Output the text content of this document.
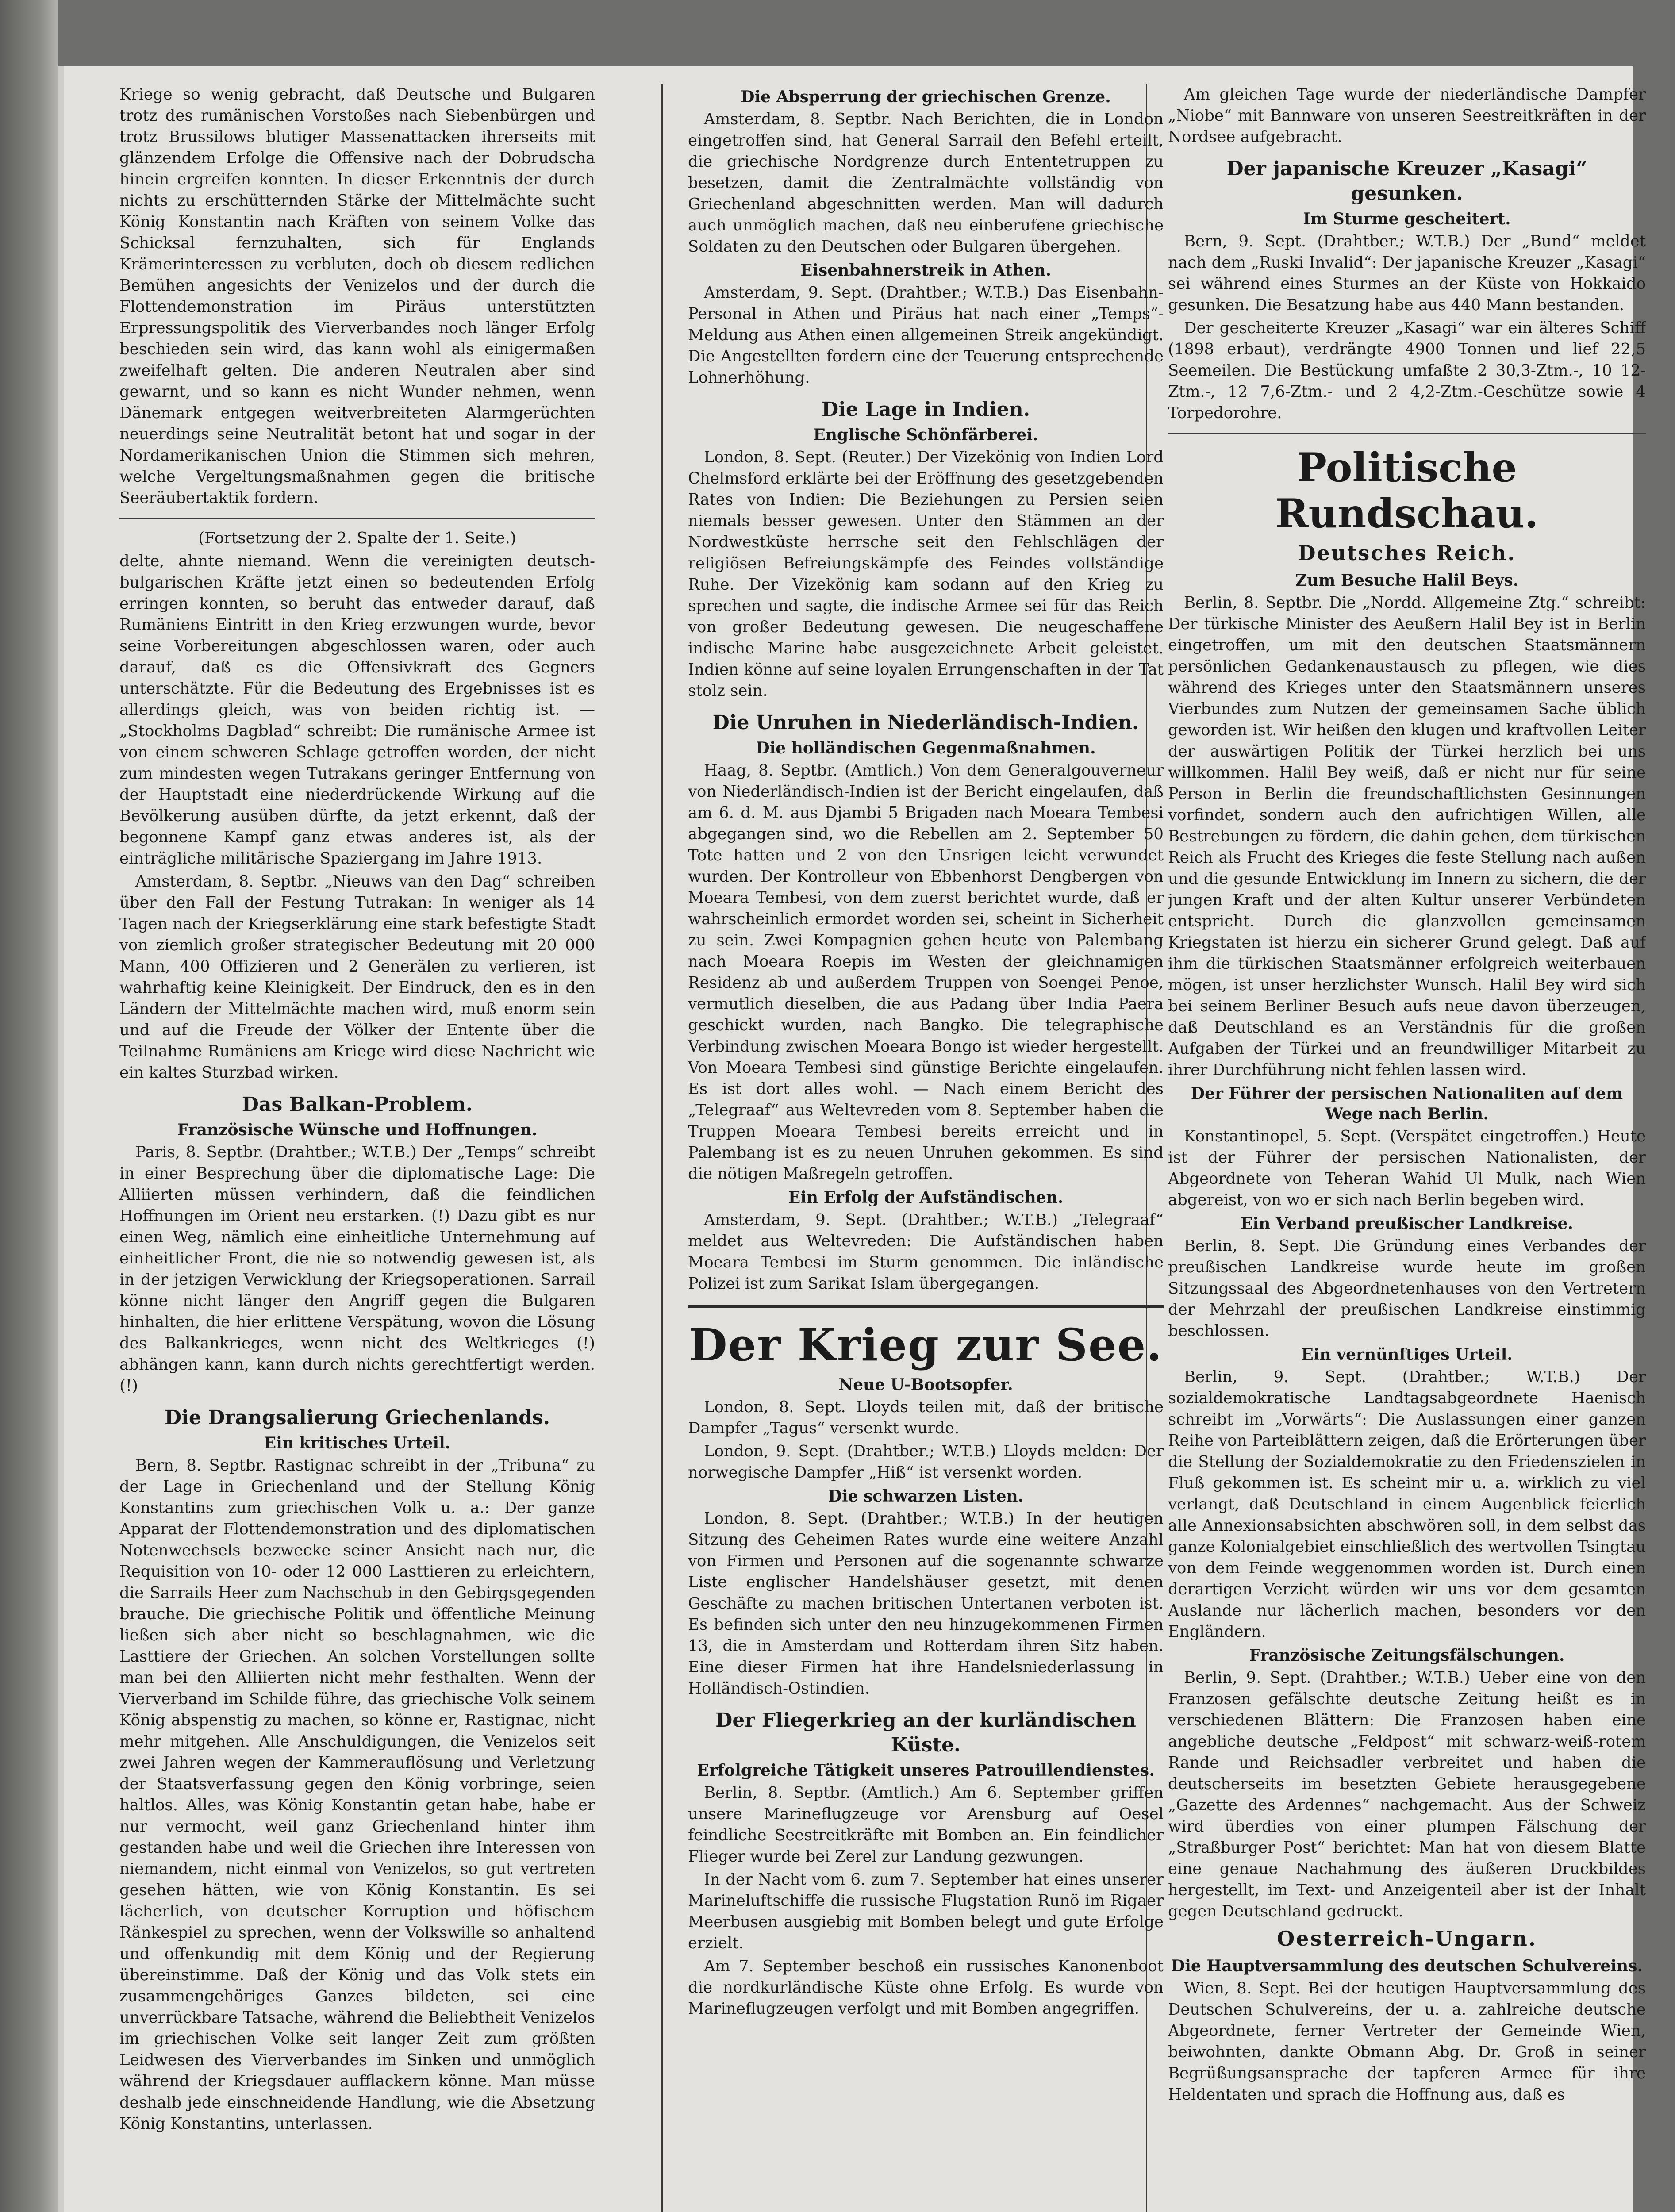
Kriege so wenig gebracht, daß Deutsche und Bulgaren trotz des rumänischen Vorstoßes nach Siebenbürgen und trotz Brussilows blutiger Massenattacken ihrerseits mit glänzendem Erfolge die Offensive nach der Dobrudscha hinein ergreifen konnten. In dieser Erkenntnis der durch nichts zu erschütternden Stärke der Mittelmächte sucht König Konstantin nach Kräften von seinem Volke das Schicksal fernzuhalten, sich für Englands Krämerinteressen zu verbluten, doch ob diesem redlichen Bemühen angesichts der Venizelos und der durch die Flottendemonstration im Piräus unterstützten Erpressungspolitik des Vierverbandes noch länger Erfolg beschieden sein wird, das kann wohl als einigermaßen zweifelhaft gelten. Die anderen Neutralen aber sind gewarnt, und so kann es nicht Wunder nehmen, wenn Dänemark entgegen weitverbreiteten Alarmgerüchten neuerdings seine Neutralität betont hat und sogar in der Nordamerikanischen Union die Stimmen sich mehren, welche Vergeltungsmaßnahmen gegen die britische Seeräubertaktik fordern.

(Fortsetzung der 2. Spalte der 1. Seite.)

delte, ahnte niemand. Wenn die vereinigten deutsch-bulgarischen Kräfte jetzt einen so bedeutenden Erfolg erringen konnten, so beruht das entweder darauf, daß Rumäniens Eintritt in den Krieg erzwungen wurde, bevor seine Vorbereitungen abgeschlossen waren, oder auch darauf, daß es die Offensivkraft des Gegners unterschätzte. Für die Bedeutung des Ergebnisses ist es allerdings gleich, was von beiden richtig ist. — „Stockholms Dagblad“ schreibt: Die rumänische Armee ist von einem schweren Schlage getroffen worden, der nicht zum mindesten wegen Tutrakans geringer Entfernung von der Hauptstadt eine niederdrückende Wirkung auf die Bevölkerung ausüben dürfte, da jetzt erkennt, daß der begonnene Kampf ganz etwas anderes ist, als der einträgliche militärische Spaziergang im Jahre 1913.

Amsterdam, 8. Septbr. „Nieuws van den Dag“ schreiben über den Fall der Festung Tutrakan: In weniger als 14 Tagen nach der Kriegserklärung eine stark befestigte Stadt von ziemlich großer strategischer Bedeutung mit 20 000 Mann, 400 Offizieren und 2 Generälen zu verlieren, ist wahrhaftig keine Kleinigkeit. Der Eindruck, den es in den Ländern der Mittelmächte machen wird, muß enorm sein und auf die Freude der Völker der Entente über die Teilnahme Rumäniens am Kriege wird diese Nachricht wie ein kaltes Sturzbad wirken.

Das Balkan-Problem.
Französische Wünsche und Hoffnungen.

Paris, 8. Septbr. (Drahtber.; W.T.B.) Der „Temps“ schreibt in einer Besprechung über die diplomatische Lage: Die Alliierten müssen verhindern, daß die feindlichen Hoffnungen im Orient neu erstarken. (!) Dazu gibt es nur einen Weg, nämlich eine einheitliche Unternehmung auf einheitlicher Front, die nie so notwendig gewesen ist, als in der jetzigen Verwicklung der Kriegsoperationen. Sarrail könne nicht länger den Angriff gegen die Bulgaren hinhalten, die hier erlittene Verspätung, wovon die Lösung des Balkankrieges, wenn nicht des Weltkrieges (!) abhängen kann, kann durch nichts gerechtfertigt werden. (!)

Die Drangsalierung Griechenlands.
Ein kritisches Urteil.

Bern, 8. Septbr. Rastignac schreibt in der „Tribuna“ zu der Lage in Griechenland und der Stellung König Konstantins zum griechischen Volk u. a.: Der ganze Apparat der Flottendemonstration und des diplomatischen Notenwechsels bezwecke seiner Ansicht nach nur, die Requisition von 10- oder 12 000 Lasttieren zu erleichtern, die Sarrails Heer zum Nachschub in den Gebirgsgegenden brauche. Die griechische Politik und öffentliche Meinung ließen sich aber nicht so beschlagnahmen, wie die Lasttiere der Griechen. An solchen Vorstellungen sollte man bei den Alliierten nicht mehr festhalten. Wenn der Vierverband im Schilde führe, das griechische Volk seinem König abspenstig zu machen, so könne er, Rastignac, nicht mehr mitgehen. Alle Anschuldigungen, die Venizelos seit zwei Jahren wegen der Kammerauflösung und Verletzung der Staatsverfassung gegen den König vorbringe, seien haltlos. Alles, was König Konstantin getan habe, habe er nur vermocht, weil ganz Griechenland hinter ihm gestanden habe und weil die Griechen ihre Interessen von niemandem, nicht einmal von Venizelos, so gut vertreten gesehen hätten, wie von König Konstantin. Es sei lächerlich, von deutscher Korruption und höfischem Ränkespiel zu sprechen, wenn der Volkswille so anhaltend und offenkundig mit dem König und der Regierung übereinstimme. Daß der König und das Volk stets ein zusammengehöriges Ganzes bildeten, sei eine unverrückbare Tatsache, während die Beliebtheit Venizelos im griechischen Volke seit langer Zeit zum größten Leidwesen des Vierverbandes im Sinken und unmöglich während der Kriegsdauer aufflackern könne. Man müsse deshalb jede einschneidende Handlung, wie die Absetzung König Konstantins, unterlassen.

Die Absperrung der griechischen Grenze.

Amsterdam, 8. Septbr. Nach Berichten, die in London eingetroffen sind, hat General Sarrail den Befehl erteilt, die griechische Nordgrenze durch Ententetruppen zu besetzen, damit die Zentralmächte vollständig von Griechenland abgeschnitten werden. Man will dadurch auch unmöglich machen, daß neu einberufene griechische Soldaten zu den Deutschen oder Bulgaren übergehen.

Eisenbahnerstreik in Athen.

Amsterdam, 9. Sept. (Drahtber.; W.T.B.) Das Eisenbahn-Personal in Athen und Piräus hat nach einer „Temps“-Meldung aus Athen einen allgemeinen Streik angekündigt. Die Angestellten fordern eine der Teuerung entsprechende Lohnerhöhung.

Die Lage in Indien.
Englische Schönfärberei.

London, 8. Sept. (Reuter.) Der Vizekönig von Indien Lord Chelmsford erklärte bei der Eröffnung des gesetzgebenden Rates von Indien: Die Beziehungen zu Persien seien niemals besser gewesen. Unter den Stämmen an der Nordwestküste herrsche seit den Fehlschlägen der religiösen Befreiungskämpfe des Feindes vollständige Ruhe. Der Vizekönig kam sodann auf den Krieg zu sprechen und sagte, die indische Armee sei für das Reich von großer Bedeutung gewesen. Die neugeschaffene indische Marine habe ausgezeichnete Arbeit geleistet. Indien könne auf seine loyalen Errungenschaften in der Tat stolz sein.

Die Unruhen in Niederländisch-Indien.
Die holländischen Gegenmaßnahmen.

Haag, 8. Septbr. (Amtlich.) Von dem Generalgouverneur von Niederländisch-Indien ist der Bericht eingelaufen, daß am 6. d. M. aus Djambi 5 Brigaden nach Moeara Tembesi abgegangen sind, wo die Rebellen am 2. September 50 Tote hatten und 2 von den Unsrigen leicht verwundet wurden. Der Kontrolleur von Ebbenhorst Dengbergen von Moeara Tembesi, von dem zuerst berichtet wurde, daß er wahrscheinlich ermordet worden sei, scheint in Sicherheit zu sein. Zwei Kompagnien gehen heute von Palembang nach Moeara Roepis im Westen der gleichnamigen Residenz ab und außerdem Truppen von Soengei Penoe, vermutlich dieselben, die aus Padang über India Paera geschickt wurden, nach Bangko. Die telegraphische Verbindung zwischen Moeara Bongo ist wieder hergestellt. Von Moeara Tembesi sind günstige Berichte eingelaufen. Es ist dort alles wohl. — Nach einem Bericht des „Telegraaf“ aus Weltevreden vom 8. September haben die Truppen Moeara Tembesi bereits erreicht und in Palembang ist es zu neuen Unruhen gekommen. Es sind die nötigen Maßregeln getroffen.

Ein Erfolg der Aufständischen.

Amsterdam, 9. Sept. (Drahtber.; W.T.B.) „Telegraaf“ meldet aus Weltevreden: Die Aufständischen haben Moeara Tembesi im Sturm genommen. Die inländische Polizei ist zum Sarikat Islam übergegangen.

Der Krieg zur See.
Neue U-Bootsopfer.

London, 8. Sept. Lloyds teilen mit, daß der britische Dampfer „Tagus“ versenkt wurde.

London, 9. Sept. (Drahtber.; W.T.B.) Lloyds melden: Der norwegische Dampfer „Hiß“ ist versenkt worden.

Die schwarzen Listen.

London, 8. Sept. (Drahtber.; W.T.B.) In der heutigen Sitzung des Geheimen Rates wurde eine weitere Anzahl von Firmen und Personen auf die sogenannte schwarze Liste englischer Handelshäuser gesetzt, mit denen Geschäfte zu machen britischen Untertanen verboten ist. Es befinden sich unter den neu hinzugekommenen Firmen 13, die in Amsterdam und Rotterdam ihren Sitz haben. Eine dieser Firmen hat ihre Handelsniederlassung in Holländisch-Ostindien.

Der Fliegerkrieg an der kurländischen Küste.
Erfolgreiche Tätigkeit unseres Patrouillendienstes.

Berlin, 8. Septbr. (Amtlich.) Am 6. September griffen unsere Marineflugzeuge vor Arensburg auf Oesel feindliche Seestreitkräfte mit Bomben an. Ein feindlicher Flieger wurde bei Zerel zur Landung gezwungen.

In der Nacht vom 6. zum 7. September hat eines unserer Marineluftschiffe die russische Flugstation Runö im Rigaer Meerbusen ausgiebig mit Bomben belegt und gute Erfolge erzielt.

Am 7. September beschoß ein russisches Kanonenboot die nordkurländische Küste ohne Erfolg. Es wurde von Marineflugzeugen verfolgt und mit Bomben angegriffen.

Am gleichen Tage wurde der niederländische Dampfer „Niobe“ mit Bannware von unseren Seestreitkräften in der Nordsee aufgebracht.

Der japanische Kreuzer „Kasagi“ gesunken.
Im Sturme gescheitert.

Bern, 9. Sept. (Drahtber.; W.T.B.) Der „Bund“ meldet nach dem „Ruski Invalid“: Der japanische Kreuzer „Kasagi“ sei während eines Sturmes an der Küste von Hokkaido gesunken. Die Besatzung habe aus 440 Mann bestanden.

Der gescheiterte Kreuzer „Kasagi“ war ein älteres Schiff (1898 erbaut), verdrängte 4900 Tonnen und lief 22,5 Seemeilen. Die Bestückung umfaßte 2 30,3-Ztm.-, 10 12-Ztm.-, 12 7,6-Ztm.- und 2 4,2-Ztm.-Geschütze sowie 4 Torpedorohre.

Politische Rundschau.
Deutsches Reich.
Zum Besuche Halil Beys.

Berlin, 8. Septbr. Die „Nordd. Allgemeine Ztg.“ schreibt: Der türkische Minister des Aeußern Halil Bey ist in Berlin eingetroffen, um mit den deutschen Staatsmännern persönlichen Gedankenaustausch zu pflegen, wie dies während des Krieges unter den Staatsmännern unseres Vierbundes zum Nutzen der gemeinsamen Sache üblich geworden ist. Wir heißen den klugen und kraftvollen Leiter der auswärtigen Politik der Türkei herzlich bei uns willkommen. Halil Bey weiß, daß er nicht nur für seine Person in Berlin die freundschaftlichsten Gesinnungen vorfindet, sondern auch den aufrichtigen Willen, alle Bestrebungen zu fördern, die dahin gehen, dem türkischen Reich als Frucht des Krieges die feste Stellung nach außen und die gesunde Entwicklung im Innern zu sichern, die der jungen Kraft und der alten Kultur unserer Verbündeten entspricht. Durch die glanzvollen gemeinsamen Kriegstaten ist hierzu ein sicherer Grund gelegt. Daß auf ihm die türkischen Staatsmänner erfolgreich weiterbauen mögen, ist unser herzlichster Wunsch. Halil Bey wird sich bei seinem Berliner Besuch aufs neue davon überzeugen, daß Deutschland es an Verständnis für die großen Aufgaben der Türkei und an freundwilliger Mitarbeit zu ihrer Durchführung nicht fehlen lassen wird.

Der Führer der persischen Nationaliten auf dem Wege nach Berlin.

Konstantinopel, 5. Sept. (Verspätet eingetroffen.) Heute ist der Führer der persischen Nationalisten, der Abgeordnete von Teheran Wahid Ul Mulk, nach Wien abgereist, von wo er sich nach Berlin begeben wird.

Ein Verband preußischer Landkreise.

Berlin, 8. Sept. Die Gründung eines Verbandes der preußischen Landkreise wurde heute im großen Sitzungssaal des Abgeordnetenhauses von den Vertretern der Mehrzahl der preußischen Landkreise einstimmig beschlossen.

Ein vernünftiges Urteil.

Berlin, 9. Sept. (Drahtber.; W.T.B.) Der sozialdemokratische Landtagsabgeordnete Haenisch schreibt im „Vorwärts“: Die Auslassungen einer ganzen Reihe von Parteiblättern zeigen, daß die Erörterungen über die Stellung der Sozialdemokratie zu den Friedenszielen in Fluß gekommen ist. Es scheint mir u. a. wirklich zu viel verlangt, daß Deutschland in einem Augenblick feierlich alle Annexionsabsichten abschwören soll, in dem selbst das ganze Kolonialgebiet einschließlich des wertvollen Tsingtau von dem Feinde weggenommen worden ist. Durch einen derartigen Verzicht würden wir uns vor dem gesamten Auslande nur lächerlich machen, besonders vor den Engländern.

Französische Zeitungsfälschungen.

Berlin, 9. Sept. (Drahtber.; W.T.B.) Ueber eine von den Franzosen gefälschte deutsche Zeitung heißt es in verschiedenen Blättern: Die Franzosen haben eine angebliche deutsche „Feldpost“ mit schwarz-weiß-rotem Rande und Reichsadler verbreitet und haben die deutscherseits im besetzten Gebiete herausgegebene „Gazette des Ardennes“ nachgemacht. Aus der Schweiz wird überdies von einer plumpen Fälschung der „Straßburger Post“ berichtet: Man hat von diesem Blatte eine genaue Nachahmung des äußeren Druckbildes hergestellt, im Text- und Anzeigenteil aber ist der Inhalt gegen Deutschland gedruckt.

Oesterreich-Ungarn.
Die Hauptversammlung des deutschen Schulvereins.

Wien, 8. Sept. Bei der heutigen Hauptversammlung des Deutschen Schulvereins, der u. a. zahlreiche deutsche Abgeordnete, ferner Vertreter der Gemeinde Wien, beiwohnten, dankte Obmann Abg. Dr. Groß in seiner Begrüßungsansprache der tapferen Armee für ihre Heldentaten und sprach die Hoffnung aus, daß es
